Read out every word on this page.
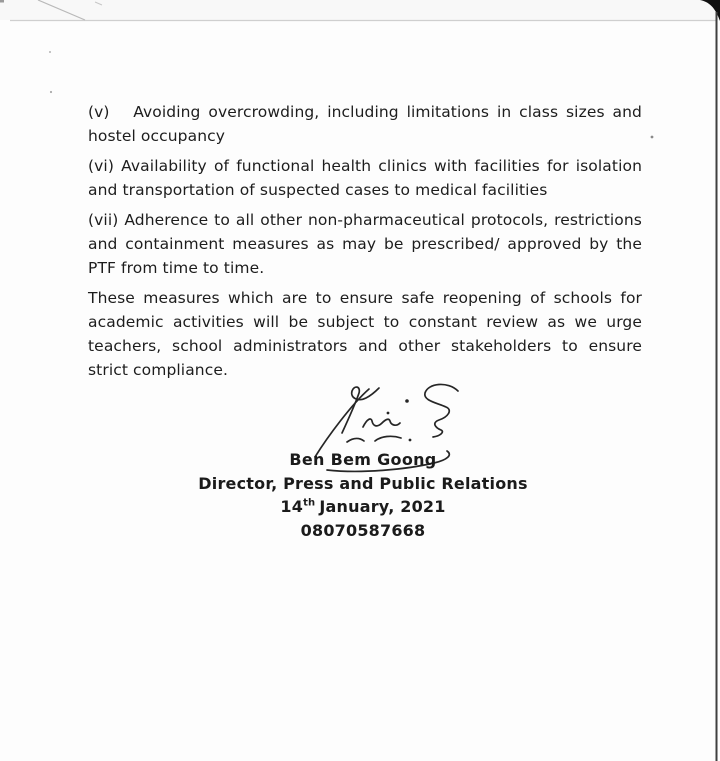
(v)   Avoiding overcrowding, including limitations in class sizes and hostel occupancy

(vi) Availability of functional health clinics with facilities for isolation and transportation of suspected cases to medical facilities

(vii) Adherence to all other non-pharmaceutical protocols, restrictions and containment measures as may be prescribed/ approved by the PTF from time to time.

These measures which are to ensure safe reopening of schools for academic activities will be subject to constant review as we urge teachers, school administrators and other stakeholders to ensure strict compliance.

Ben Bem Goong
Director, Press and Public Relations
14th January, 2021
08070587668
